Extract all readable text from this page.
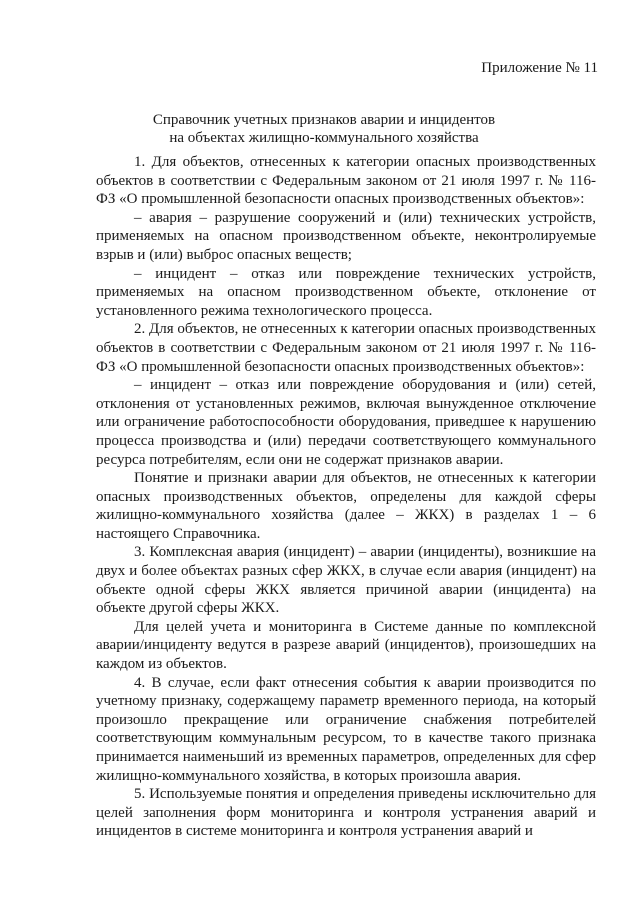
Приложение № 11
Справочник учетных признаков аварии и инцидентов
на объектах жилищно-коммунального хозяйства

1. Для объектов, отнесенных к категории опасных производственных объектов в соответствии с Федеральным законом от 21 июля 1997 г. № 116-ФЗ «О промышленной безопасности опасных производственных объектов»:

– авария – разрушение сооружений и (или) технических устройств, применяемых на опасном производственном объекте, неконтролируемые взрыв и (или) выброс опасных веществ;

– инцидент – отказ или повреждение технических устройств, применяемых на опасном производственном объекте, отклонение от установленного режима технологического процесса.

2. Для объектов, не отнесенных к категории опасных производственных объектов в соответствии с Федеральным законом от 21 июля 1997 г. № 116-ФЗ «О промышленной безопасности опасных производственных объектов»:

– инцидент – отказ или повреждение оборудования и (или) сетей, отклонения от установленных режимов, включая вынужденное отключение или ограничение работоспособности оборудования, приведшее к нарушению процесса производства и (или) передачи соответствующего коммунального ресурса потребителям, если они не содержат признаков аварии.

Понятие и признаки аварии для объектов, не отнесенных к категории опасных производственных объектов, определены для каждой сферы жилищно-коммунального хозяйства (далее – ЖКХ) в разделах 1 – 6 настоящего Справочника.

3. Комплексная авария (инцидент) – аварии (инциденты), возникшие на двух и более объектах разных сфер ЖКХ, в случае если авария (инцидент) на объекте одной сферы ЖКХ является причиной аварии (инцидента) на объекте другой сферы ЖКХ.

Для целей учета и мониторинга в Системе данные по комплексной аварии/инциденту ведутся в разрезе аварий (инцидентов), произошедших на каждом из объектов.

4. В случае, если факт отнесения события к аварии производится по учетному признаку, содержащему параметр временного периода, на который произошло прекращение или ограничение снабжения потребителей соответствующим коммунальным ресурсом, то в качестве такого признака принимается наименьший из временных параметров, определенных для сфер жилищно-коммунального хозяйства, в которых произошла авария.

5. Используемые понятия и определения приведены исключительно для целей заполнения форм мониторинга и контроля устранения аварий и инцидентов в системе мониторинга и контроля устранения аварий и
